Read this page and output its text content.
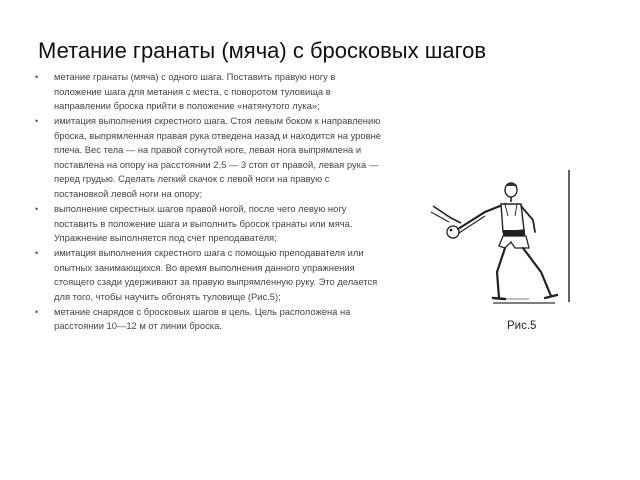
Метание гранаты (мяча) с бросковых шагов
• метание гранаты (мяча) с одного шага. Поставить правую ногу в положение шага для метания с места, с поворотом туловища в направлении броска прийти в положение «натянутого лука»;
• имитация выполнения скрестного шага. Стоя левым боком к направлению броска, выпрямленная правая рука отведена назад и находится на уровне плеча. Вес тела — на правой согнутой ноге, левая нога выпрямлена и поставлена на опору на расстоянии 2,5 — 3 стоп от правой, левая рука — перед грудью. Сделать легкий скачок с левой ноги на правую с постановкой левой ноги на опору;
• выполнение скрестных шагов правой ногой, после чего левую ногу поставить в положение шага и выполнить бросок гранаты или мяча. Упражнение выполняется под счет преподавателя;
• имитация выполнения скрестного шага с помощью преподавателя или опытных занимающихся. Во время выполнения данного упражнения стоящего сзади удерживают за правую выпрямленную руку. Это делается для того, чтобы научить обгонять туловище (Рис.5);
• метание снарядов с бросковых шагов в цель. Цель расположена на расстоянии 10—12 м от линии броска.	Рис.5
